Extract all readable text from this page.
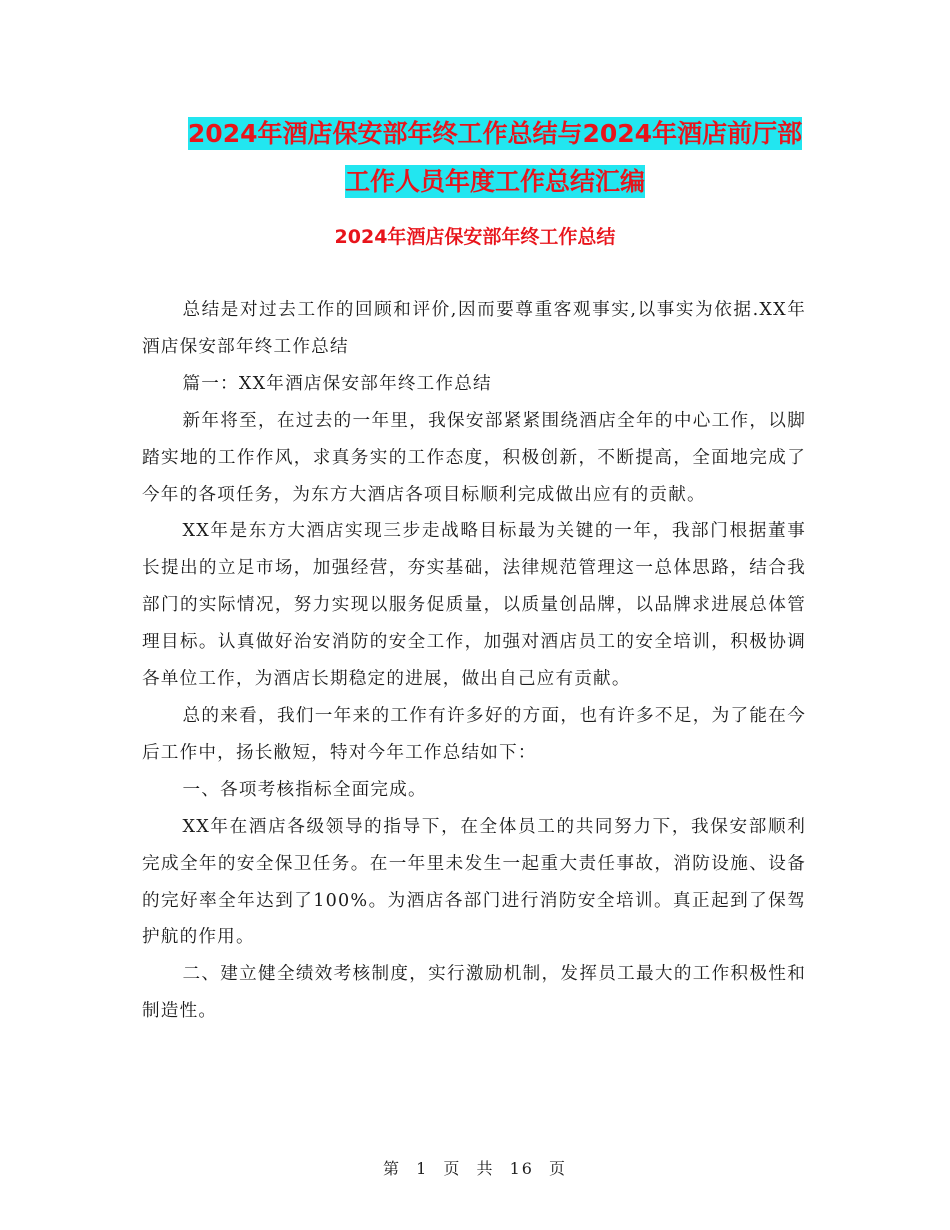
2024年酒店保安部年终工作总结与2024年酒店前厅部
工作人员年度工作总结汇编
2024年酒店保安部年终工作总结

总结是对过去工作的回顾和评价,因而要尊重客观事实,以事实为依据.XX年酒店保安部年终工作总结

篇一：XX年酒店保安部年终工作总结

新年将至，在过去的一年里，我保安部紧紧围绕酒店全年的中心工作，以脚踏实地的工作作风，求真务实的工作态度，积极创新，不断提高，全面地完成了今年的各项任务，为东方大酒店各项目标顺利完成做出应有的贡献。

XX年是东方大酒店实现三步走战略目标最为关键的一年，我部门根据董事长提出的立足市场，加强经营，夯实基础，法律规范管理这一总体思路，结合我部门的实际情况，努力实现以服务促质量，以质量创品牌，以品牌求进展总体管理目标。认真做好治安消防的安全工作，加强对酒店员工的安全培训，积极协调各单位工作，为酒店长期稳定的进展，做出自己应有贡献。

总的来看，我们一年来的工作有许多好的方面，也有许多不足，为了能在今后工作中，扬长敝短，特对今年工作总结如下：

一、各项考核指标全面完成。

XX年在酒店各级领导的指导下，在全体员工的共同努力下，我保安部顺利完成全年的安全保卫任务。在一年里未发生一起重大责任事故，消防设施、设备的完好率全年达到了100%。为酒店各部门进行消防安全培训。真正起到了保驾护航的作用。

二、建立健全绩效考核制度，实行激励机制，发挥员工最大的工作积极性和制造性。

第 1 页 共 16 页
